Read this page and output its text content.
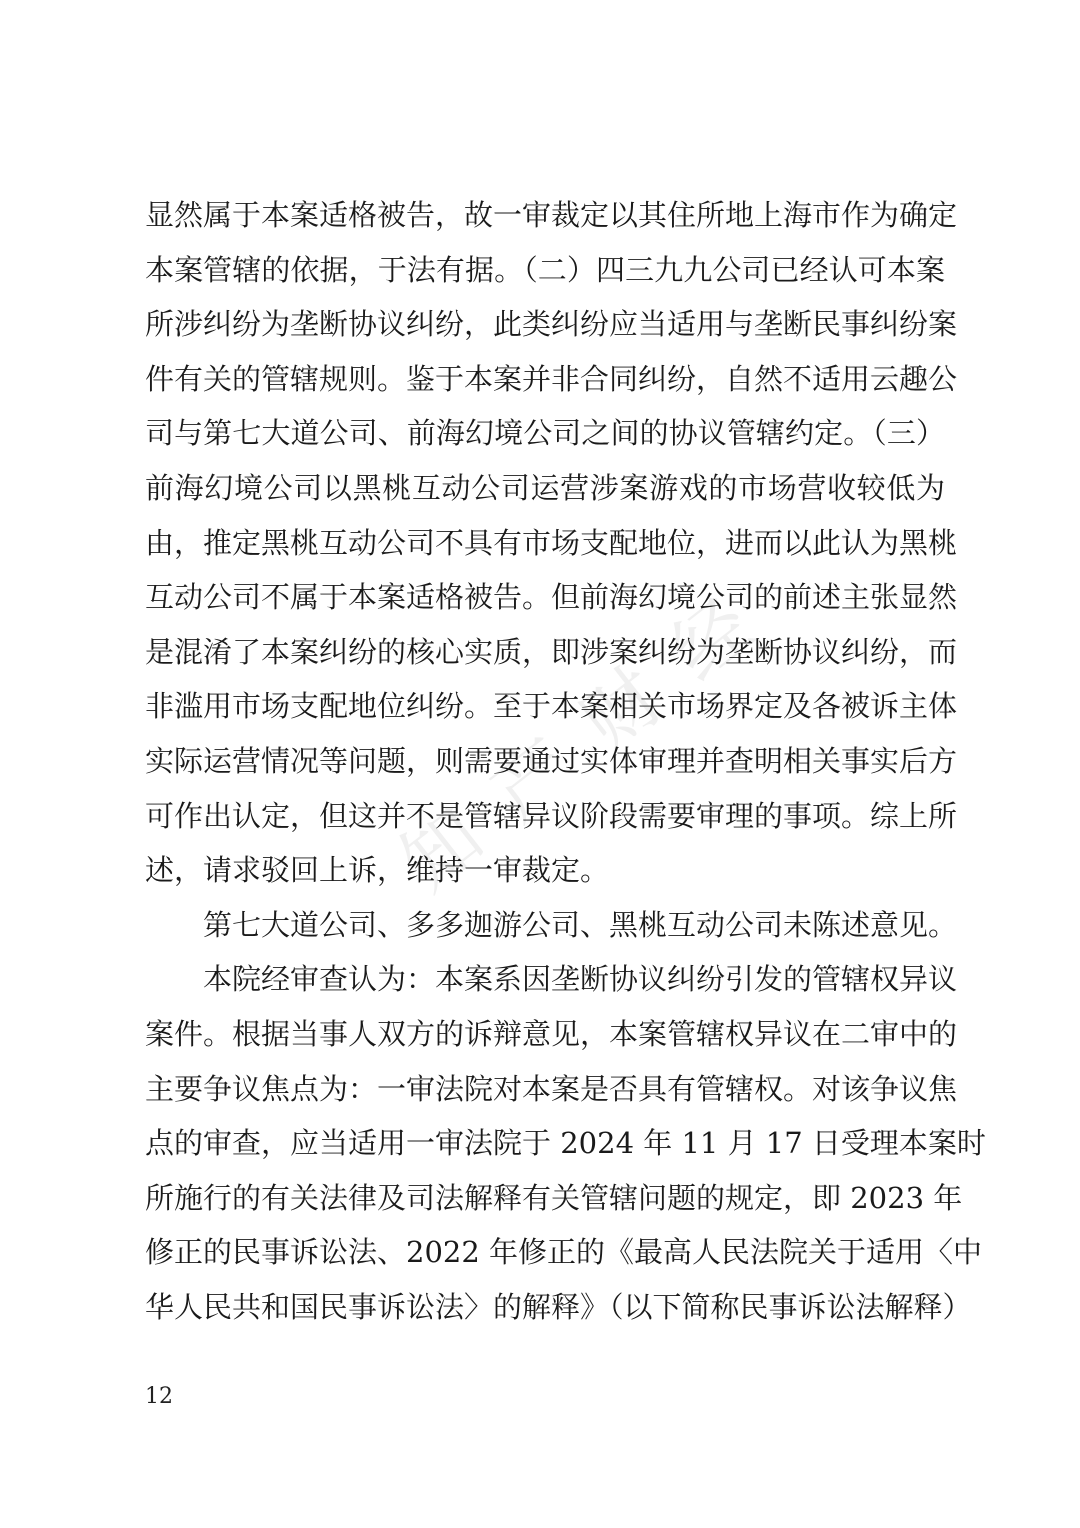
知
产
财
经
显然属于本案适格被告，故一审裁定以其住所地上海市作为确定
本案管辖的依据，于法有据。（二）四三九九公司已经认可本案
所涉纠纷为垄断协议纠纷，此类纠纷应当适用与垄断民事纠纷案
件有关的管辖规则。鉴于本案并非合同纠纷，自然不适用云趣公
司与第七大道公司、前海幻境公司之间的协议管辖约定。（三）
前海幻境公司以黑桃互动公司运营涉案游戏的市场营收较低为
由，推定黑桃互动公司不具有市场支配地位，进而以此认为黑桃
互动公司不属于本案适格被告。但前海幻境公司的前述主张显然
是混淆了本案纠纷的核心实质，即涉案纠纷为垄断协议纠纷，而
非滥用市场支配地位纠纷。至于本案相关市场界定及各被诉主体
实际运营情况等问题，则需要通过实体审理并查明相关事实后方
可作出认定，但这并不是管辖异议阶段需要审理的事项。综上所
述，请求驳回上诉，维持一审裁定。
第七大道公司、多多迦游公司、黑桃互动公司未陈述意见。
本院经审查认为：本案系因垄断协议纠纷引发的管辖权异议
案件。根据当事人双方的诉辩意见，本案管辖权异议在二审中的
主要争议焦点为：一审法院对本案是否具有管辖权。对该争议焦
点的审查，应当适用一审法院于 2024 年 11 月 17 日受理本案时
所施行的有关法律及司法解释有关管辖问题的规定，即 2023 年
修正的民事诉讼法、2022 年修正的《最高人民法院关于适用〈中
华人民共和国民事诉讼法〉的解释》（以下简称民事诉讼法解释）
12
